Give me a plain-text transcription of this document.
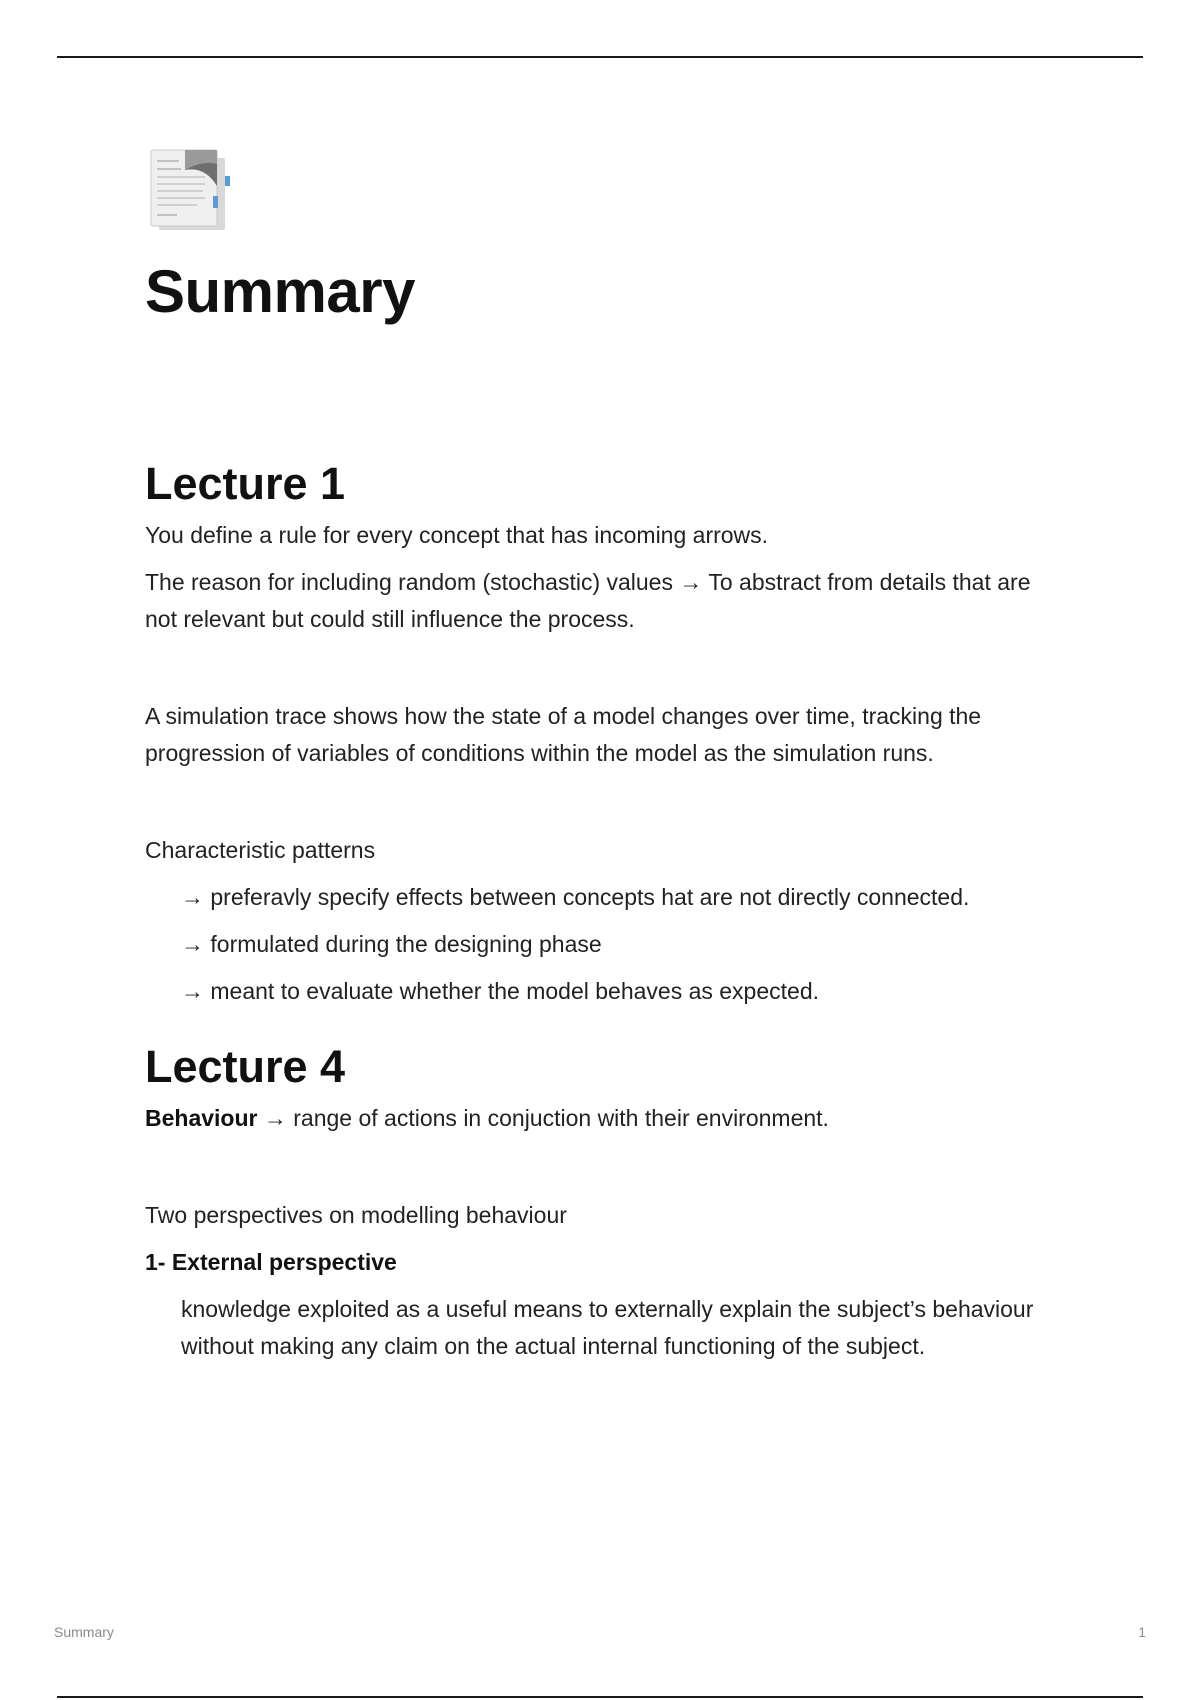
Summary
Lecture 1

You define a rule for every concept that has incoming arrows.

The reason for including random (stochastic) values → To abstract from details that are not relevant but could still influence the process.

A simulation trace shows how the state of a model changes over time, tracking the progression of variables of conditions within the model as the simulation runs.

Characteristic patterns

→ preferavly specify effects between concepts hat are not directly connected.

→ formulated during the designing phase

→ meant to evaluate whether the model behaves as expected.

Lecture 4

Behaviour → range of actions in conjuction with their environment.

Two perspectives on modelling behaviour

1- External perspective

knowledge exploited as a useful means to externally explain the subject’s behaviour without making any claim on the actual internal functioning of the subject.

Summary	1
